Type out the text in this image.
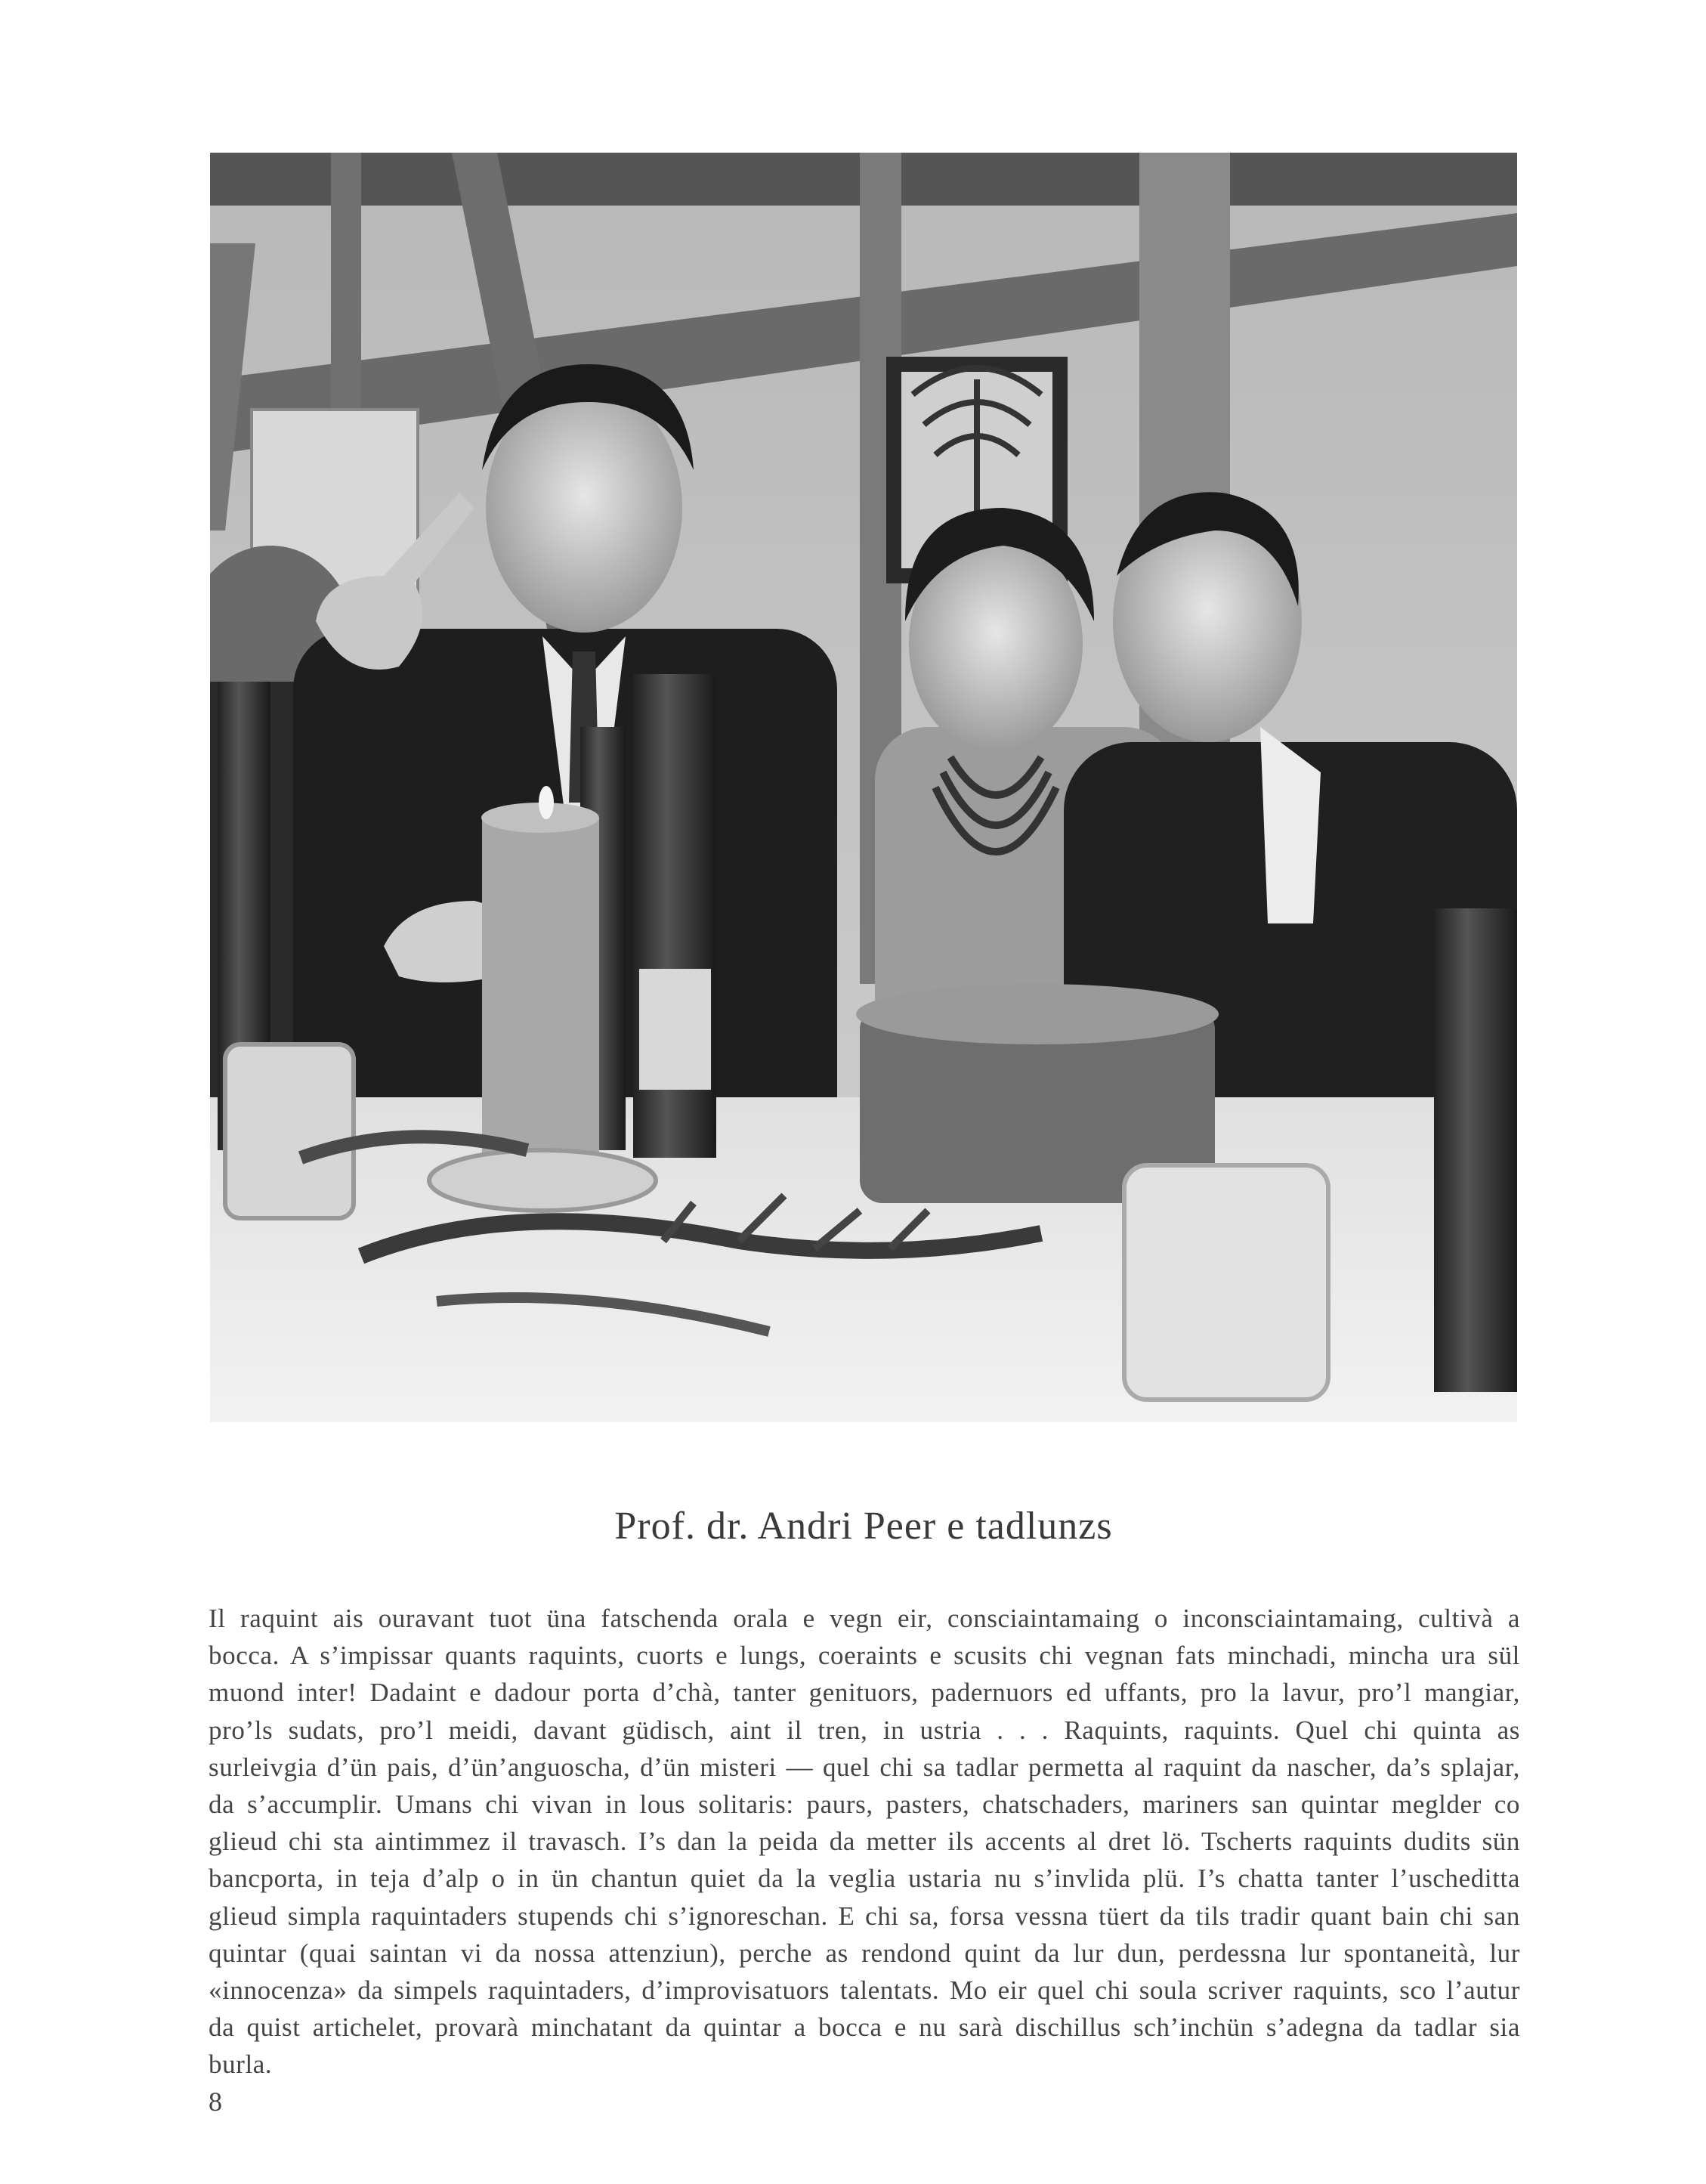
Prof. dr. Andri Peer e tadlunzs

Il raquint ais ouravant tuot üna fatschenda orala e vegn eir, consciaintamaing o inconsciaintamaing, cultivà a bocca. A s’impissar quants raquints, cuorts e lungs, coeraints e scusits chi vegnan fats minchadi, mincha ura sül muond inter! Dadaint e dadour porta d’chà, tanter genituors, padernuors ed uffants, pro la lavur, pro’l mangiar, pro’ls sudats, pro’l meidi, davant güdisch, aint il tren, in ustria . . . Raquints, raquints. Quel chi quinta as surleivgia d’ün pais, d’ün’anguoscha, d’ün misteri — quel chi sa tadlar permetta al raquint da nascher, da’s splajar, da s’accumplir. Umans chi vivan in lous solitaris: paurs, pasters, chatschaders, mariners san quintar meglder co glieud chi sta aintimmez il travasch. I’s dan la peida da metter ils accents al dret lö. Tscherts raquints dudits sün bancporta, in teja d’alp o in ün chantun quiet da la veglia ustaria nu s’invlida plü. I’s chatta tanter l’uscheditta glieud simpla raquintaders stupends chi s’ignoreschan. E chi sa, forsa vessna tüert da tils tradir quant bain chi san quintar (quai saintan vi da nossa attenziun), perche as rendond quint da lur dun, perdessna lur spontaneità, lur «innocenza» da simpels raquintaders, d’improvisatuors talentats. Mo eir quel chi soula scriver raquints, sco l’autur da quist artichelet, provarà minchatant da quintar a bocca e nu sarà dischillus sch’inchün s’adegna da tadlar sia burla.

8
